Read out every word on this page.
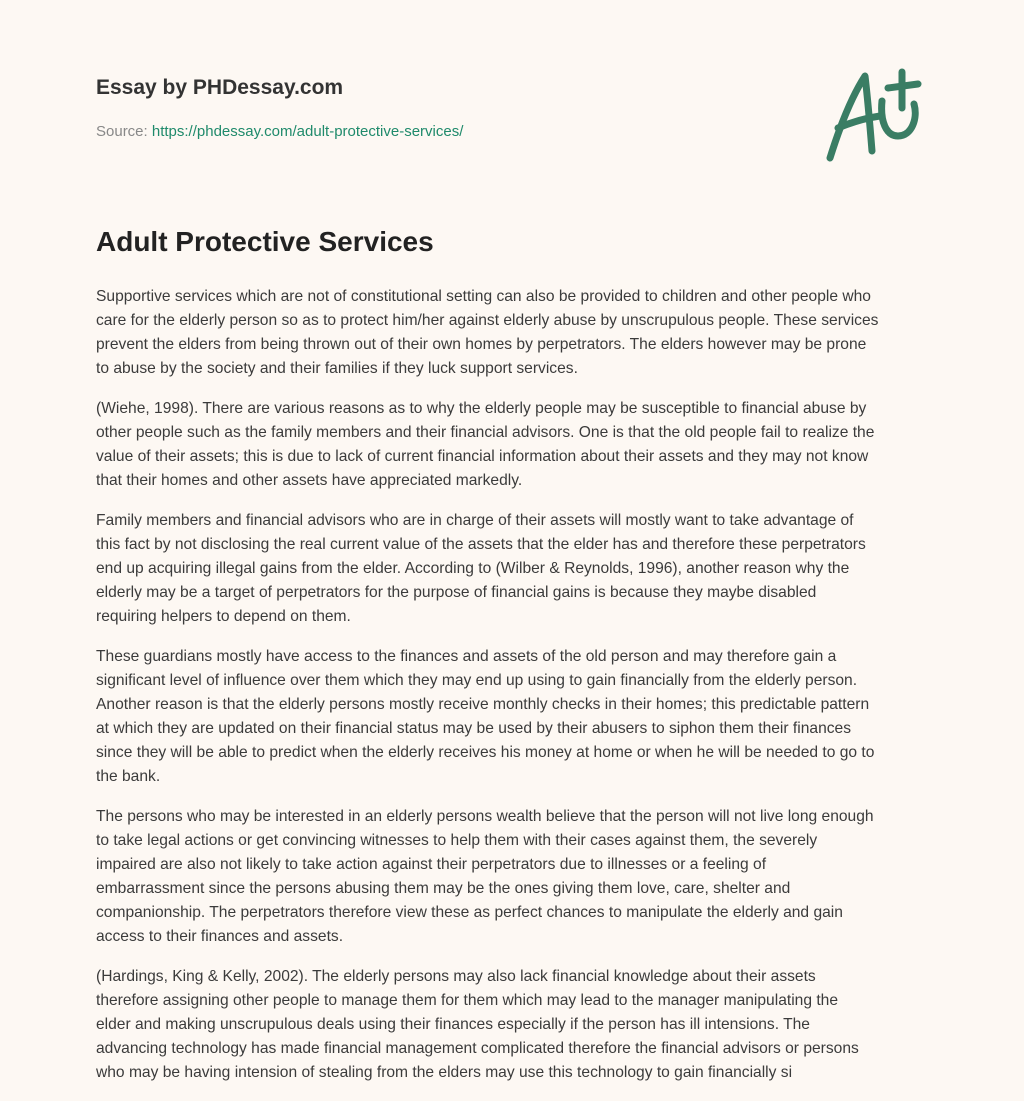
Essay by PHDessay.com
Source: https://phdessay.com/adult-protective-services/
Adult Protective Services

Supportive services which are not of constitutional setting can also be provided to children and other people who
care for the elderly person so as to protect him/her against elderly abuse by unscrupulous people. These services
prevent the elders from being thrown out of their own homes by perpetrators. The elders however may be prone
to abuse by the society and their families if they luck support services.

(Wiehe, 1998). There are various reasons as to why the elderly people may be susceptible to financial abuse by
other people such as the family members and their financial advisors. One is that the old people fail to realize the
value of their assets; this is due to lack of current financial information about their assets and they may not know
that their homes and other assets have appreciated markedly.

Family members and financial advisors who are in charge of their assets will mostly want to take advantage of
this fact by not disclosing the real current value of the assets that the elder has and therefore these perpetrators
end up acquiring illegal gains from the elder. According to (Wilber & Reynolds, 1996), another reason why the
elderly may be a target of perpetrators for the purpose of financial gains is because they maybe disabled
requiring helpers to depend on them.

These guardians mostly have access to the finances and assets of the old person and may therefore gain a
significant level of influence over them which they may end up using to gain financially from the elderly person.
Another reason is that the elderly persons mostly receive monthly checks in their homes; this predictable pattern
at which they are updated on their financial status may be used by their abusers to siphon them their finances
since they will be able to predict when the elderly receives his money at home or when he will be needed to go to
the bank.

The persons who may be interested in an elderly persons wealth believe that the person will not live long enough
to take legal actions or get convincing witnesses to help them with their cases against them, the severely
impaired are also not likely to take action against their perpetrators due to illnesses or a feeling of
embarrassment since the persons abusing them may be the ones giving them love, care, shelter and
companionship. The perpetrators therefore view these as perfect chances to manipulate the elderly and gain
access to their finances and assets.

(Hardings, King & Kelly, 2002). The elderly persons may also lack financial knowledge about their assets
therefore assigning other people to manage them for them which may lead to the manager manipulating the
elder and making unscrupulous deals using their finances especially if the person has ill intensions. The
advancing technology has made financial management complicated therefore the financial advisors or persons
who may be having intension of stealing from the elders may use this technology to gain financially si
